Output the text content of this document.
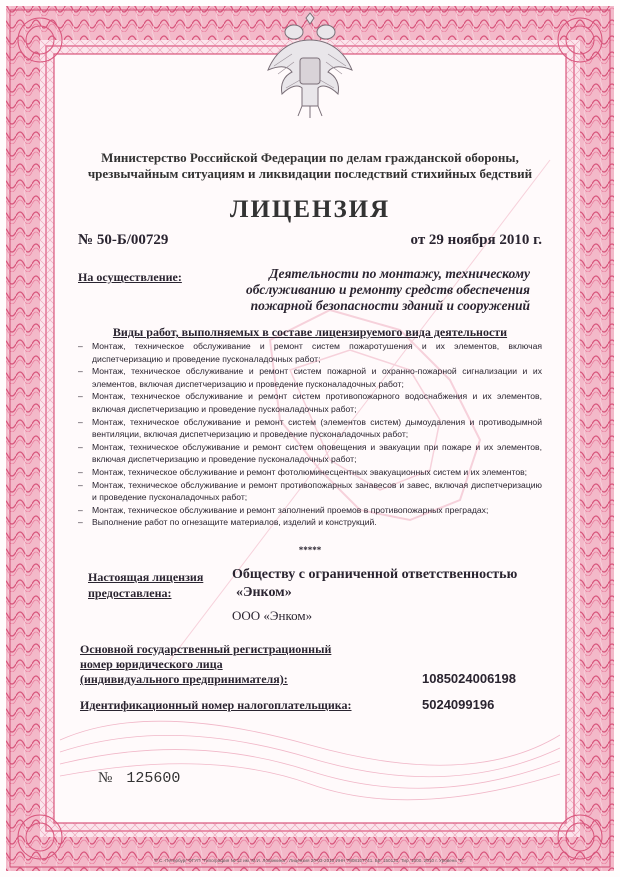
Министерство Российской Федерации по делам гражданской обороны,
чрезвычайным ситуациям и ликвидации последствий стихийных бедствий
ЛИЦЕНЗИЯ
№ 50-Б/00729	от 29 ноября 2010 г.
На осуществление:	Деятельности по монтажу, техническому
обслуживанию и ремонту средств обеспечения
пожарной безопасности зданий и сооружений
Виды работ, выполняемых в составе лицензируемого вида деятельности
– Монтаж, техническое обслуживание и ремонт систем пожаротушения и их элементов, включая диспетчеризацию и проведение пусконаладочных работ;
– Монтаж, техническое обслуживание и ремонт систем пожарной и охранно-пожарной сигнализации и их элементов, включая диспетчеризацию и проведение пусконаладочных работ;
– Монтаж, техническое обслуживание и ремонт систем противопожарного водоснабжения и их элементов, включая диспетчеризацию и проведение пусконаладочных работ;
– Монтаж, техническое обслуживание и ремонт систем (элементов систем) дымоудаления и противодымной вентиляции, включая диспетчеризацию и проведение пусконаладочных работ;
– Монтаж, техническое обслуживание и ремонт систем оповещения и эвакуации при пожаре и их элементов, включая диспетчеризацию и проведение пусконаладочных работ;
– Монтаж, техническое обслуживание и ремонт фотолюминесцентных эвакуационных систем и их элементов;
– Монтаж, техническое обслуживание и ремонт противопожарных занавесов и завес, включая диспетчеризацию и проведение пусконаладочных работ;
– Монтаж, техническое обслуживание и ремонт заполнений проемов в противопожарных преградах;
– Выполнение работ по огнезащите материалов, изделий и конструкций.
*****
Настоящая лицензия
предоставлена:
Обществу с ограниченной ответственностью
«Энком»
ООО «Энком»
Основной государственный регистрационный
номер юридического лица
(индивидуального предпринимателя):	1085024006198
Идентификационный номер налогоплательщика:	5024099196
№ 125600
© С.-Петербург ФГУП "Типография № 12 им. М.И. Лоханкина". Лицензия 20-03-2010 ИНН 7808107741. Бр. 150121. Тир. 1000. 2010 г. Уровень "В".
